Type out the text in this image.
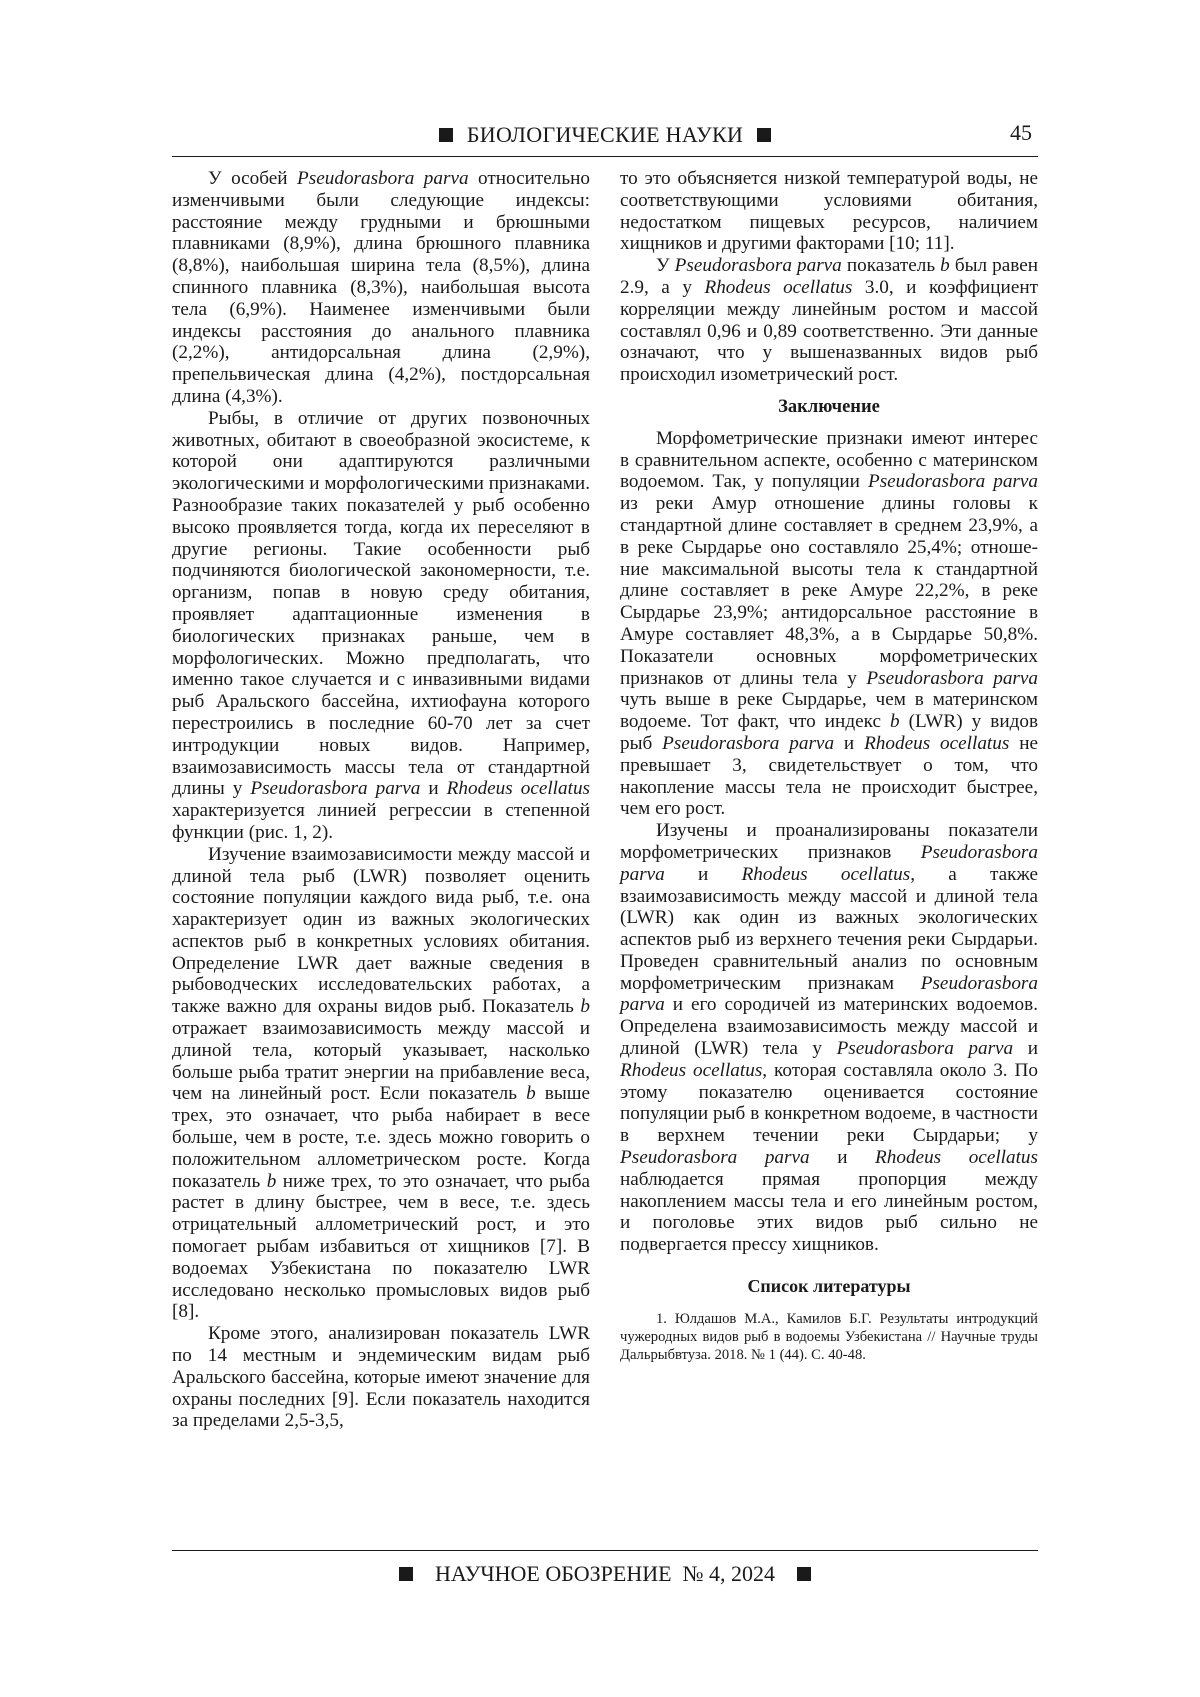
БИОЛОГИЧЕСКИЕ НАУКИ	45

У особей Pseudorasbora parva относительно изменчивыми были следующие индексы: расстояние между грудными и брюшными плавниками (8,9%), длина брюшного плавника (8,8%), наибольшая ширина тела (8,5%), длина спинного плавника (8,3%), наибольшая высота тела (6,9%). Наименее изменчивыми были индексы расстояния до анального плавника (2,2%), антидорсальная длина (2,9%), препельвическая длина (4,2%), постдорсальная длина (4,3%).

Рыбы, в отличие от других позвоночных животных, обитают в своеобразной экосистеме, к которой они адаптируются различными экологическими и морфологическими признаками. Разнообразие таких показателей у рыб особенно высоко проявляется тогда, когда их переселяют в другие регионы. Такие особенности рыб подчиняются биологической закономерности, т.е. организм, попав в новую среду обитания, проявляет адаптационные изменения в биологических признаках раньше, чем в морфологических. Можно предполагать, что именно такое случается и с инвазивными видами рыб Аральского бассейна, ихтиофауна которого перестроились в последние 60-70 лет за счет интродукции новых видов. Например, взаимозависимость массы тела от стандартной длины у Pseudorasbora parva и Rhodeus ocellatus характеризуется линией регрессии в степенной функции (рис. 1, 2).

Изучение взаимозависимости между массой и длиной тела рыб (LWR) позволяет оценить состояние популяции каждого вида рыб, т.е. она характеризует один из важных экологических аспектов рыб в конкретных условиях обитания. Определение LWR дает важные сведения в рыбоводческих исследовательских работах, а также важно для охраны видов рыб. Показатель b отражает взаимозависимость между массой и длиной тела, который указывает, насколько больше рыба тратит энергии на прибавление веса, чем на линейный рост. Если показатель b выше трех, это означает, что рыба набирает в весе больше, чем в росте, т.е. здесь можно говорить о положительном аллометрическом росте. Когда показатель b ниже трех, то это означает, что рыба растет в длину быстрее, чем в весе, т.е. здесь отрицательный аллометрический рост, и это помогает рыбам избавиться от хищников [7]. В водоемах Узбекистана по показателю LWR исследовано несколько промысловых видов рыб [8].

Кроме этого, анализирован показатель LWR по 14 местным и эндемическим видам рыб Аральского бассейна, которые имеют значение для охраны последних [9]. Если показатель находится за пределами 2,5-3,5,

то это объясняется низкой температурой воды, не соответствующими условиями обитания, недостатком пищевых ресурсов, наличием хищников и другими факторами [10; 11].

У Pseudorasbora parva показатель b был равен 2.9, а у Rhodeus ocellatus 3.0, и коэффициент корреляции между линейным ростом и массой составлял 0,96 и 0,89 соответственно. Эти данные означают, что у вышеназванных видов рыб происходил изометрический рост.

Заключение

Морфометрические признаки имеют интерес в сравнительном аспекте, особенно с материнском водоемом. Так, у популяции Pseudorasbora parva из реки Амур отношение длины головы к стандартной длине составляет в среднем 23,9%, а в реке Сырдарье оно составляло 25,4%; отношение максимальной высоты тела к стандартной длине составляет в реке Амуре 22,2%, в реке Сырдарье 23,9%; антидорсальное расстояние в Амуре составляет 48,3%, а в Сырдарье 50,8%. Показатели основных морфометрических признаков от длины тела у Pseudorasbora parva чуть выше в реке Сырдарье, чем в материнском водоеме. Тот факт, что индекс b (LWR) у видов рыб Pseudorasbora parva и Rhodeus ocellatus не превышает 3, свидетельствует о том, что накопление массы тела не происходит быстрее, чем его рост.

Изучены и проанализированы показатели морфометрических признаков Pseudorasbora parva и Rhodeus ocellatus, а также взаимозависимость между массой и длиной тела (LWR) как один из важных экологических аспектов рыб из верхнего течения реки Сырдарьи. Проведен сравнительный анализ по основным морфометрическим признакам Pseudorasbora parva и его сородичей из материнских водоемов. Определена взаимозависимость между массой и длиной (LWR) тела у Pseudorasbora parva и Rhodeus ocellatus, которая составляла около 3. По этому показателю оценивается состояние популяции рыб в конкретном водоеме, в частности в верхнем течении реки Сырдарьи; у Pseudorasbora parva и Rhodeus ocellatus наблюдается прямая пропорция между накоплением массы тела и его линейным ростом, и поголовье этих видов рыб сильно не подвергается прессу хищников.

Список литературы

1. Юлдашов М.А., Камилов Б.Г. Результаты интродукций чужеродных видов рыб в водоемы Узбекистана // Научные труды Дальрыбвтуза. 2018. № 1 (44). С. 40-48.

НАУЧНОЕ ОБОЗРЕНИЕ № 4, 2024
